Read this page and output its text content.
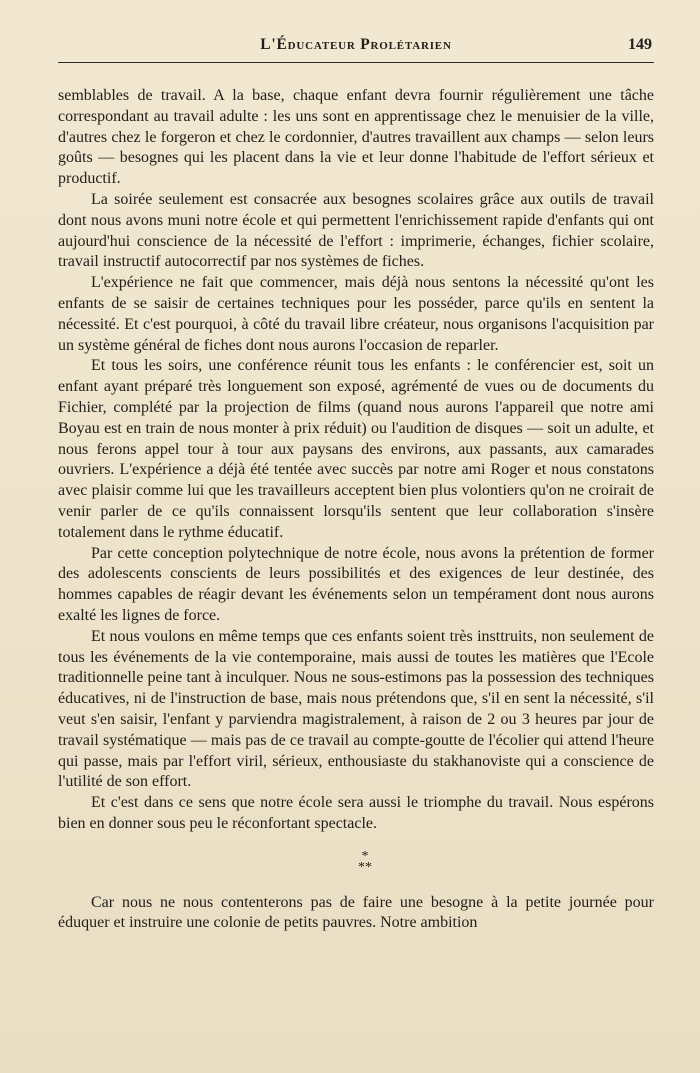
L'Éducateur Prolétarien	149

semblables de travail. A la base, chaque enfant devra fournir régulièrement une tâche correspondant au travail adulte : les uns sont en apprentissage chez le menuisier de la ville, d'autres chez le forgeron et chez le cordonnier, d'autres travaillent aux champs — selon leurs goûts — besognes qui les placent dans la vie et leur donne l'habitude de l'effort sérieux et productif.

La soirée seulement est consacrée aux besognes scolaires grâce aux outils de travail dont nous avons muni notre école et qui permettent l'enrichissement rapide d'enfants qui ont aujourd'hui conscience de la nécessité de l'effort : imprimerie, échanges, fichier scolaire, travail instructif autocorrectif par nos systèmes de fiches.

L'expérience ne fait que commencer, mais déjà nous sentons la nécessité qu'ont les enfants de se saisir de certaines techniques pour les posséder, parce qu'ils en sentent la nécessité. Et c'est pourquoi, à côté du travail libre créateur, nous organisons l'acquisition par un système général de fiches dont nous aurons l'occasion de reparler.

Et tous les soirs, une conférence réunit tous les enfants : le conférencier est, soit un enfant ayant préparé très longuement son exposé, agrémenté de vues ou de documents du Fichier, complété par la projection de films (quand nous aurons l'appareil que notre ami Boyau est en train de nous monter à prix réduit) ou l'audition de disques — soit un adulte, et nous ferons appel tour à tour aux paysans des environs, aux passants, aux camarades ouvriers. L'expérience a déjà été tentée avec succès par notre ami Roger et nous constatons avec plaisir comme lui que les travailleurs acceptent bien plus volontiers qu'on ne croirait de venir parler de ce qu'ils connaissent lorsqu'ils sentent que leur collaboration s'insère totalement dans le rythme éducatif.

Par cette conception polytechnique de notre école, nous avons la prétention de former des adolescents conscients de leurs possibilités et des exigences de leur destinée, des hommes capables de réagir devant les événements selon un tempérament dont nous aurons exalté les lignes de force.

Et nous voulons en même temps que ces enfants soient très insttruits, non seulement de tous les événements de la vie contemporaine, mais aussi de toutes les matières que l'Ecole traditionnelle peine tant à inculquer. Nous ne sous-estimons pas la possession des techniques éducatives, ni de l'instruction de base, mais nous prétendons que, s'il en sent la nécessité, s'il veut s'en saisir, l'enfant y parviendra magistralement, à raison de 2 ou 3 heures par jour de travail systématique — mais pas de ce travail au compte-goutte de l'écolier qui attend l'heure qui passe, mais par l'effort viril, sérieux, enthousiaste du stakhanoviste qui a conscience de l'utilité de son effort.

Et c'est dans ce sens que notre école sera aussi le triomphe du travail. Nous espérons bien en donner sous peu le réconfortant spectacle.

*
**

Car nous ne nous contenterons pas de faire une besogne à la petite journée pour éduquer et instruire une colonie de petits pauvres. Notre ambition
